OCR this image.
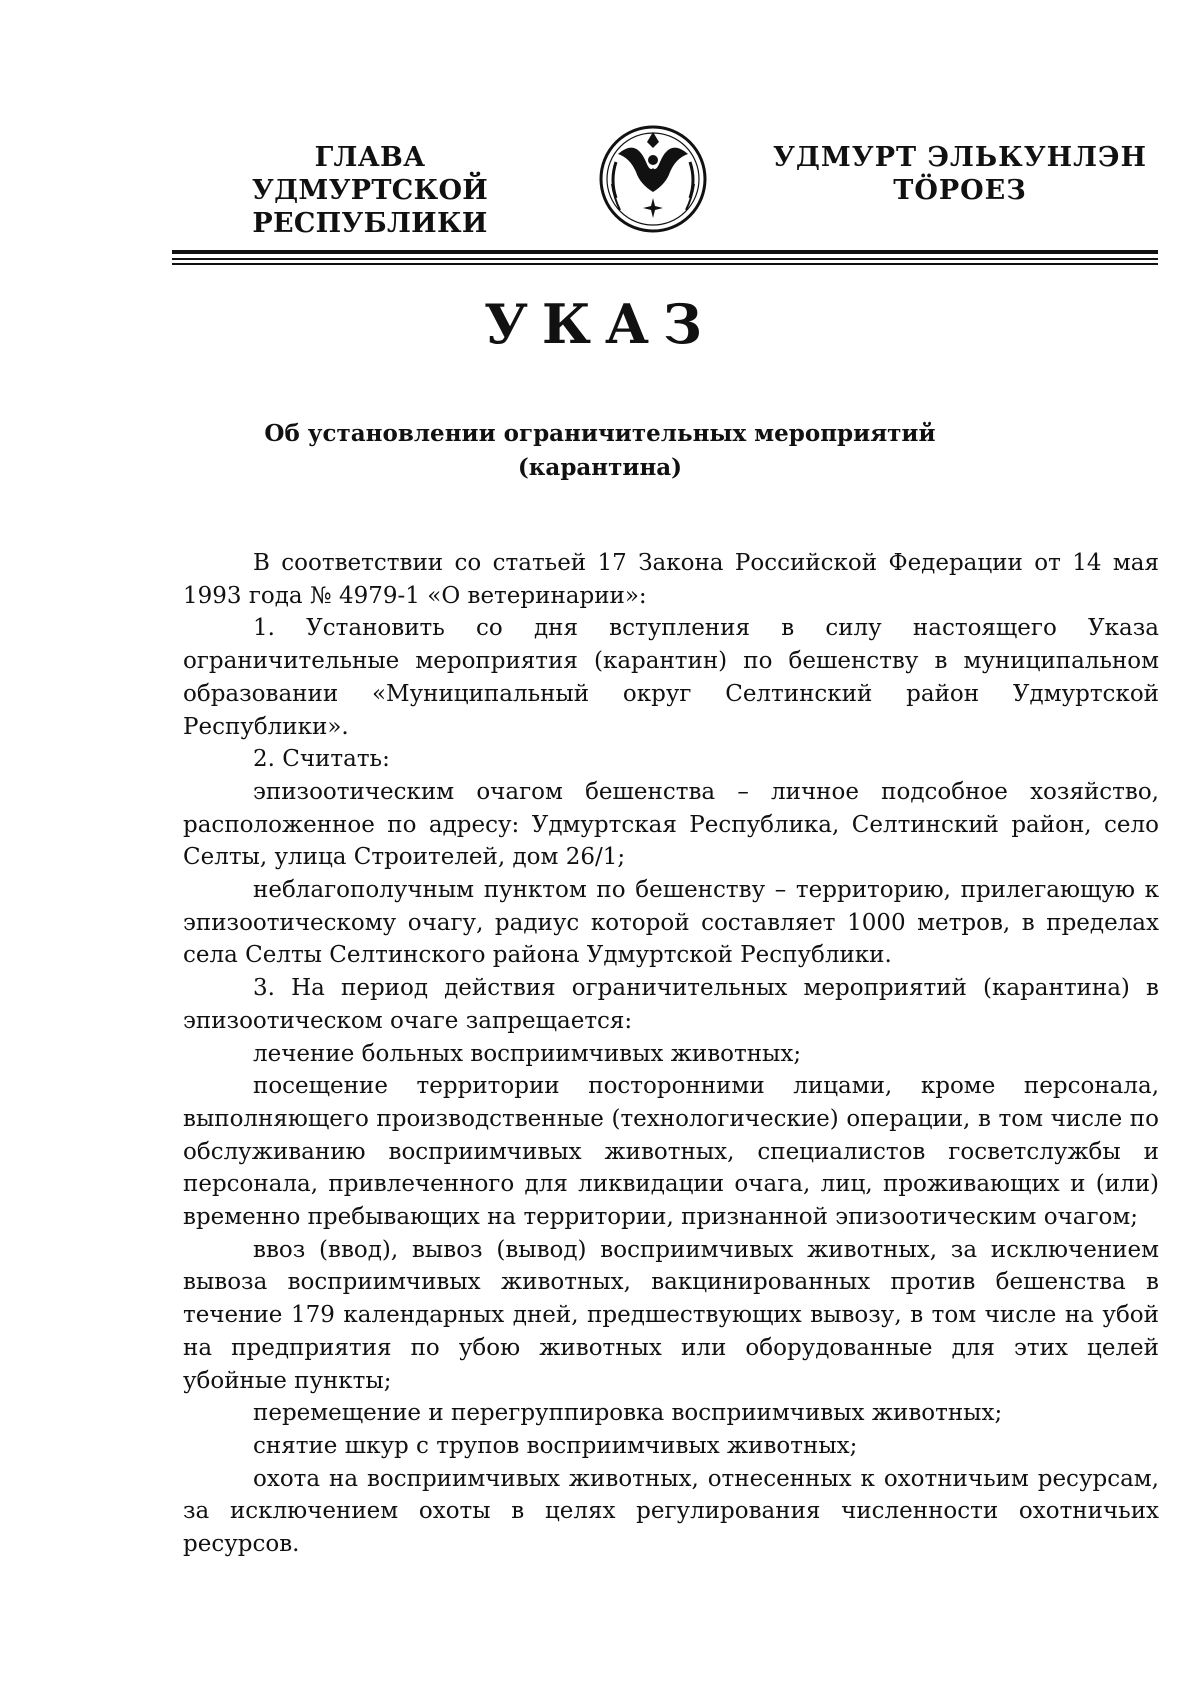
ГЛАВА
УДМУРТСКОЙ РЕСПУБЛИКИ
УДМУРТ ЭЛЬКУНЛЭН
ТӦРОЕЗ
УКАЗ
Об установлении ограничительных мероприятий
(карантина)

В соответствии со статьей 17 Закона Российской Федерации от 14 мая 1993 года № 4979-1 «О ветеринарии»:

1. Установить со дня вступления в силу настоящего Указа ограничительные мероприятия (карантин) по бешенству в муниципальном образовании «Муниципальный округ Селтинский район Удмуртской Республики».

2. Считать:

эпизоотическим очагом бешенства – личное подсобное хозяйство, расположенное по адресу: Удмуртская Республика, Селтинский район, село Селты, улица Строителей, дом 26/1;

неблагополучным пунктом по бешенству – территорию, прилегающую к эпизоотическому очагу, радиус которой составляет 1000 метров, в пределах села Селты Селтинского района Удмуртской Республики.

3. На период действия ограничительных мероприятий (карантина) в эпизоотическом очаге запрещается:

лечение больных восприимчивых животных;

посещение территории посторонними лицами, кроме персонала, выполняющего производственные (технологические) операции, в том числе по обслуживанию восприимчивых животных, специалистов госветслужбы и персонала, привлеченного для ликвидации очага, лиц, проживающих и (или) временно пребывающих на территории, признанной эпизоотическим очагом;

ввоз (ввод), вывоз (вывод) восприимчивых животных, за исключением вывоза восприимчивых животных, вакцинированных против бешенства в течение 179 календарных дней, предшествующих вывозу, в том числе на убой на предприятия по убою животных или оборудованные для этих целей убойные пункты;

перемещение и перегруппировка восприимчивых животных;

снятие шкур с трупов восприимчивых животных;

охота на восприимчивых животных, отнесенных к охотничьим ресурсам, за исключением охоты в целях регулирования численности охотничьих ресурсов.
